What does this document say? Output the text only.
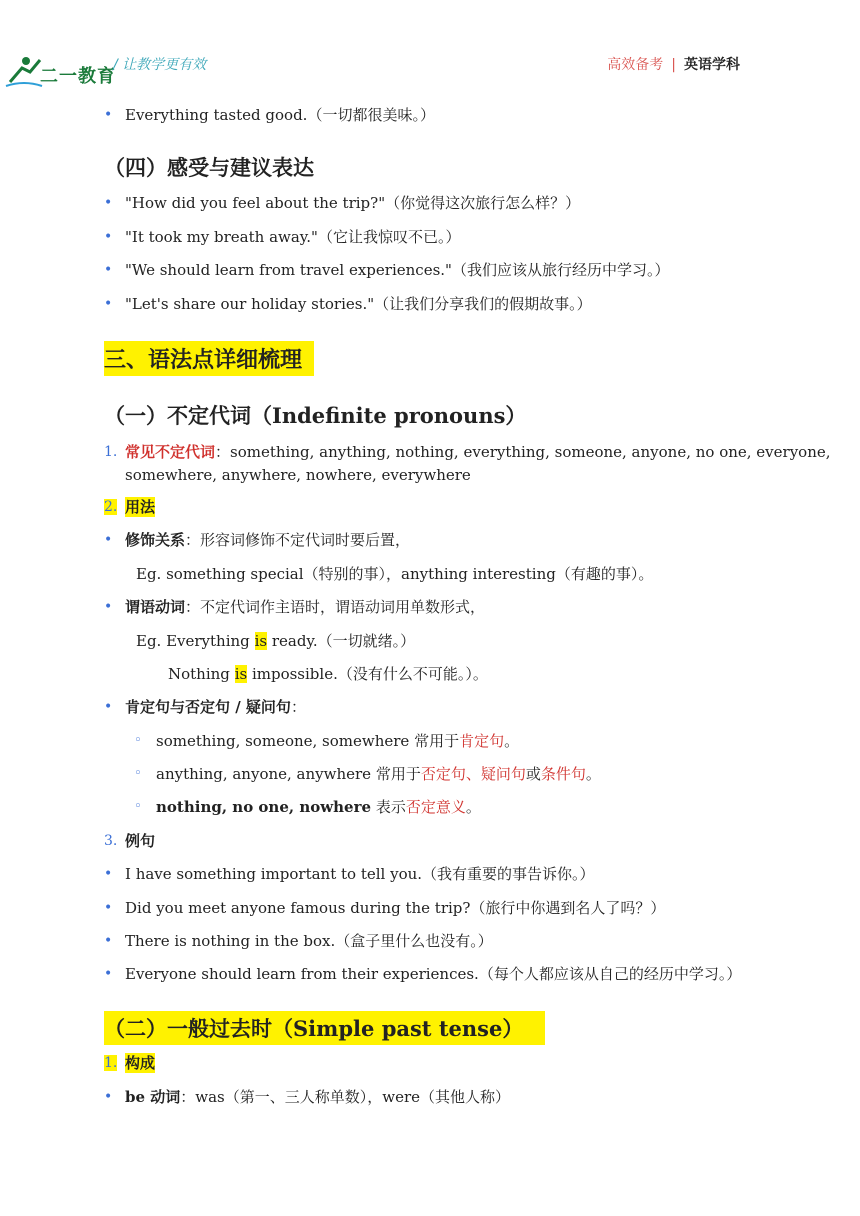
二一教育
/ 让教学更有效	高效备考 | 英语学科
• Everything tasted good.（一切都很美味。）
（四）感受与建议表达
• "How did you feel about the trip?"（你觉得这次旅行怎么样？）
• "It took my breath away."（它让我惊叹不已。）
• "We should learn from travel experiences."（我们应该从旅行经历中学习。）
• "Let's share our holiday stories."（让我们分享我们的假期故事。）
三、语法点详细梳理
（一）不定代词（Indefinite pronouns）
1. 常见不定代词：something, anything, nothing, everything, someone, anyone, no one, everyone,
somewhere, anywhere, nowhere, everywhere
2. 用法
• 修饰关系：形容词修饰不定代词时要后置，
Eg. something special（特别的事），anything interesting（有趣的事）。
• 谓语动词：不定代词作主语时，谓语动词用单数形式，
Eg. Everything is ready.（一切就绪。）
Nothing is impossible.（没有什么不可能。）。
• 肯定句与否定句 / 疑问句：
◦ something, someone, somewhere 常用于肯定句。
◦ anything, anyone, anywhere 常用于否定句、疑问句或条件句。
◦ nothing, no one, nowhere 表示否定意义。
3. 例句
• I have something important to tell you.（我有重要的事告诉你。）
• Did you meet anyone famous during the trip?（旅行中你遇到名人了吗？）
• There is nothing in the box.（盒子里什么也没有。）
• Everyone should learn from their experiences.（每个人都应该从自己的经历中学习。）
（二）一般过去时（Simple past tense）
1. 构成
• be 动词：was（第一、三人称单数），were（其他人称）
